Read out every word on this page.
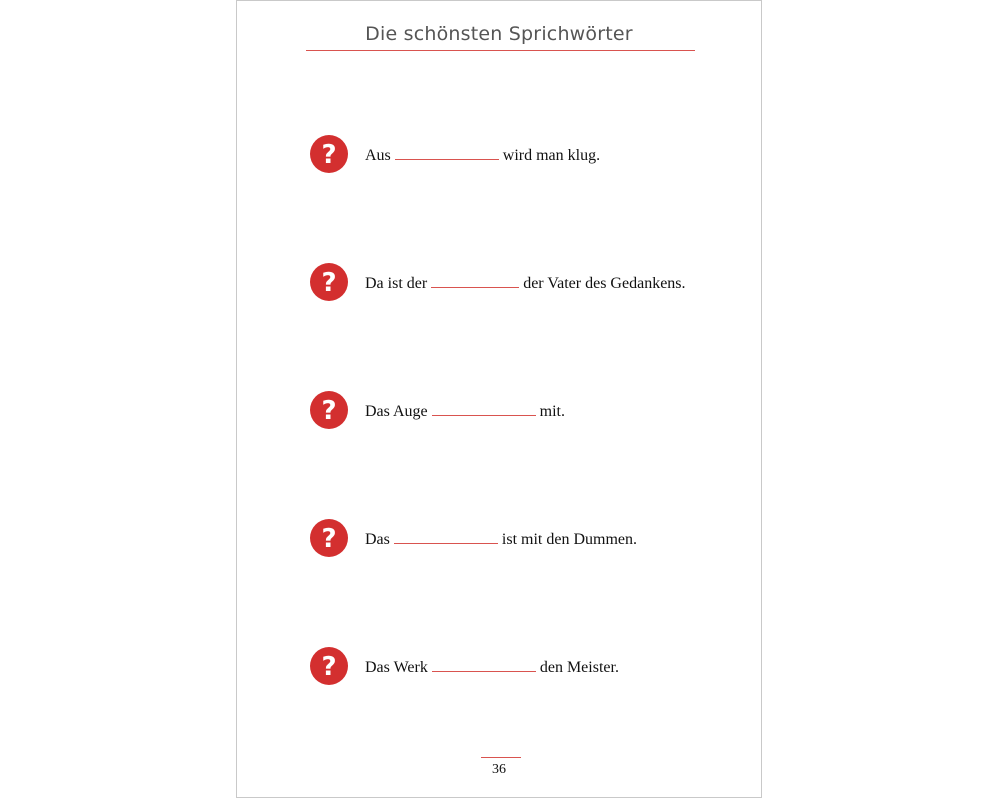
Die schönsten Sprichwörter
? Aus	wird man klug.
? Da ist der	der Vater des Gedankens.
? Das Auge	mit.
? Das	ist mit den Dummen.
? Das Werk	den Meister.
36
